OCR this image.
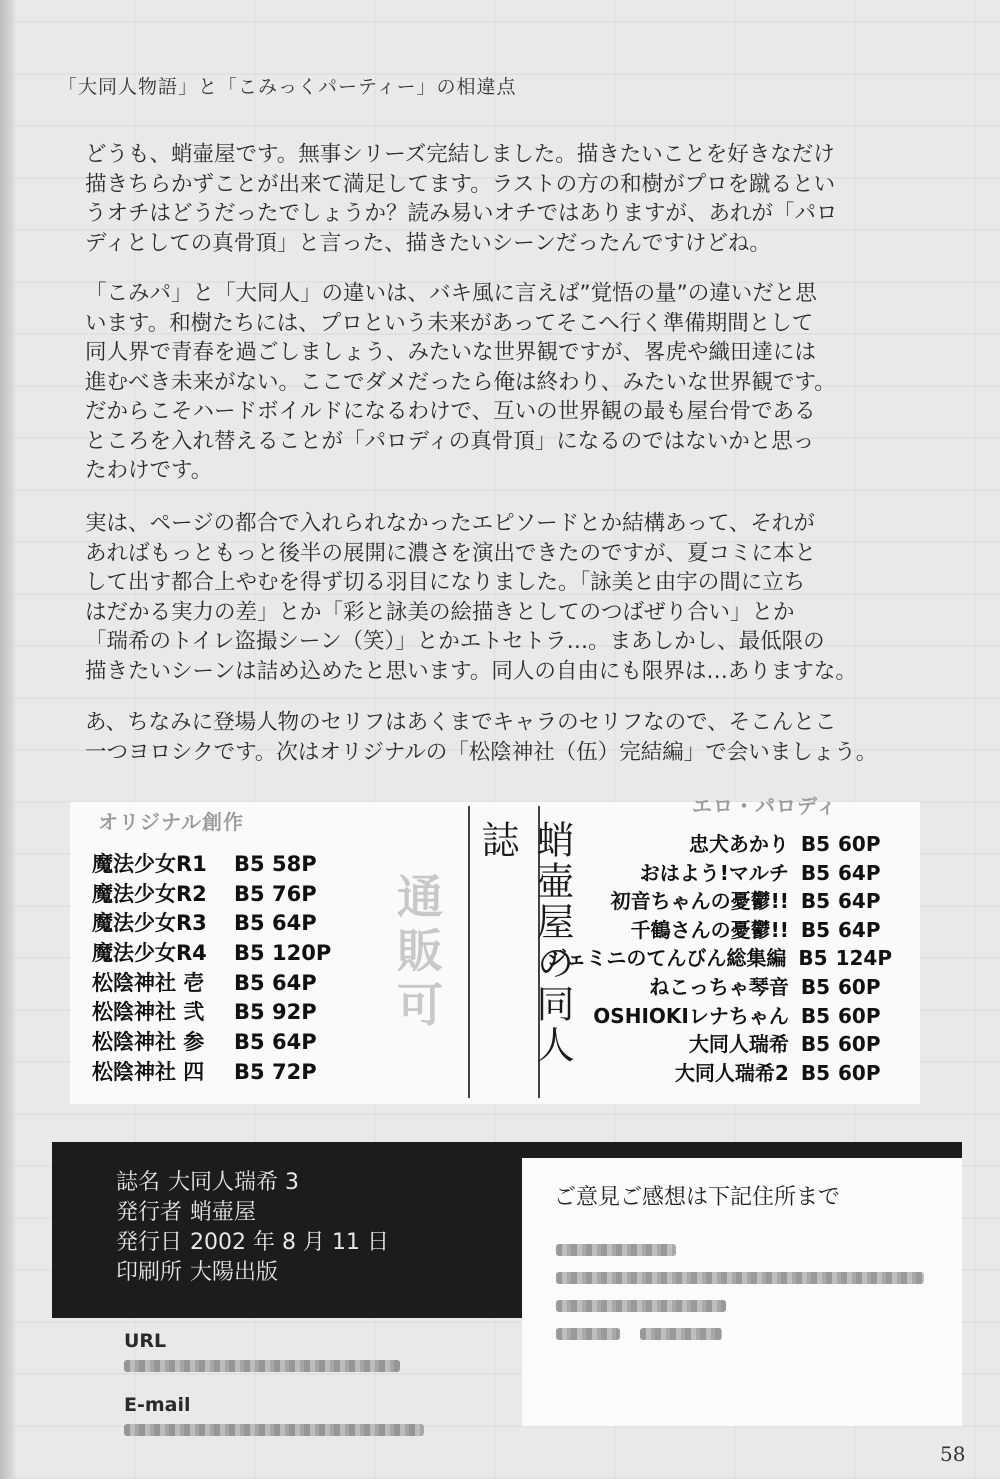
「大同人物語」と「こみっくパーティー」の相違点

どうも、蛸壷屋です。無事シリーズ完結しました。描きたいことを好きなだけ
描きちらかずことが出来て満足してます。ラストの方の和樹がプロを蹴るとい
うオチはどうだったでしょうか？読み易いオチではありますが、あれが「パロ
ディとしての真骨頂」と言った、描きたいシーンだったんですけどね。

「こみパ」と「大同人」の違いは、バキ風に言えば”覚悟の量”の違いだと思
います。和樹たちには、プロという未来があってそこへ行く準備期間として
同人界で青春を過ごしましょう、みたいな世界観ですが、畧虎や織田達には
進むべき未来がない。ここでダメだったら俺は終わり、みたいな世界観です。
だからこそハードボイルドになるわけで、互いの世界観の最も屋台骨である
ところを入れ替えることが「パロディの真骨頂」になるのではないかと思っ
たわけです。

実は、ページの都合で入れられなかったエピソードとか結構あって、それが
あればもっともっと後半の展開に濃さを演出できたのですが、夏コミに本と
して出す都合上やむを得ず切る羽目になりました。「詠美と由宇の間に立ち
はだかる実力の差」とか「彩と詠美の絵描きとしてのつばぜり合い」とか
「瑞希のトイレ盗撮シーン（笑）」とかエトセトラ…。まあしかし、最低限の
描きたいシーンは詰め込めたと思います。同人の自由にも限界は…ありますな。

あ、ちなみに登場人物のセリフはあくまでキャラのセリフなので、そこんとこ
一つヨロシクです。次はオリジナルの「松陰神社（伍）完結編」で会いましょう。

オリジナル創作
エロ・パロディ
魔法少女R1 B5 58P
魔法少女R2 B5 76P
魔法少女R3 B5 64P
魔法少女R4 B5 120P
松陰神社 壱 B5 64P
松陰神社 弐 B5 92P
松陰神社 参 B5 64P
松陰神社 四 B5 72P
通販可	蛸壷屋の同人誌	忠犬あかり B5 60P
おはよう!マルチ B5 64P
初音ちゃんの憂鬱!! B5 64P
千鶴さんの憂鬱!! B5 64P
ジェミニのてんびん総集編 B5 124P
ねこっちゃ琴音 B5 60P
OSHIOKIレナちゃん B5 60P
大同人瑞希 B5 60P
大同人瑞希2 B5 60P
誌名 大同人瑞希 3
発行者 蛸壷屋
発行日 2002 年 8 月 11 日
印刷所 大陽出版
ご意見ご感想は下記住所まで
URL
E-mail
58
